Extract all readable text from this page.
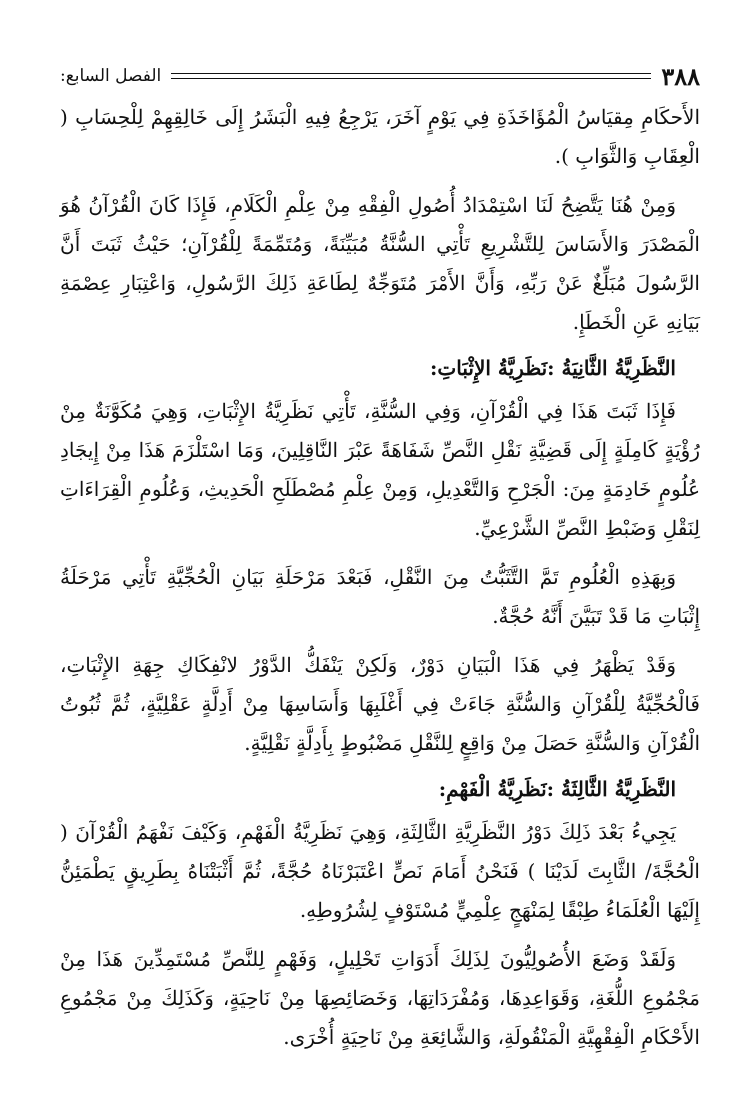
٣٨٨
الفصل السابع:

الأَحكَامِ مِقيَاسُ الْمُؤَاخَذَةِ فِي يَوْمٍ آخَرَ، يَرْجِعُ فِيهِ الْبَشَرُ إِلَى خَالِقِهِمْ لِلْحِسَابِ ( الْعِقَابِ وَالثَّوَابِ ).

وَمِنْ هُنَا يَتَّضِحُ لَنَا اسْتِمْدَادُ أُصُولِ الْفِقْهِ مِنْ عِلْمِ الْكَلَامِ، فَإِذَا كَانَ الْقُرْآنُ هُوَ الْمَصْدَرَ وَالأَسَاسَ لِلتَّشْرِيعِ تَأْتِي السُّنَّةُ مُبَيِّنَةً، وَمُتَمِّمَةً لِلْقُرْآنِ؛ حَيْثُ ثَبَتَ أَنَّ الرَّسُولَ مُبَلِّغٌ عَنْ رَبِّهِ، وَأَنَّ الأَمْرَ مُتَوَجِّهٌ لِطَاعَةِ ذَلِكَ الرَّسُولِ، وَاعْتِبَارِ عِصْمَةِ بَيَانِهِ عَنِ الْخَطَإِ.

النَّظَرِيَّةُ الثَّانِيَةُ :نَظَرِيَّةُ الإِثْبَاتِ:

فَإِذَا ثَبَتَ هَذَا فِي الْقُرْآنِ، وَفِي السُّنَّةِ، تَأْتِي نَظَرِيَّةُ الإِثْبَاتِ، وَهِيَ مُكَوَّنَةٌ مِنْ رُؤْيَةٍ كَامِلَةٍ إِلَى قَضِيَّةِ نَقْلِ النَّصِّ شَفَاهَةً عَبْرَ النَّاقِلِينَ، وَمَا اسْتَلْزَمَ هَذَا مِنْ إِيجَادِ عُلُومٍ خَادِمَةٍ مِنَ: الْجَرْحِ وَالتَّعْدِيلِ، وَمِنْ عِلْمِ مُصْطَلَحِ الْحَدِيثِ، وَعُلُومِ الْقِرَاءَاتِ لِنَقْلِ وَضَبْطِ النَّصِّ الشَّرْعِيِّ.

وَبِهَذِهِ الْعُلُومِ تَمَّ التَّثَبُّتُ مِنَ النَّقْلِ، فَبَعْدَ مَرْحَلَةِ بَيَانِ الْحُجِّيَّةِ تَأْتِي مَرْحَلَةُ إِثْبَاتِ مَا قَدْ تَبَيَّنَ أَنَّهُ حُجَّةٌ.

وَقَدْ يَظْهَرُ فِي هَذَا الْبَيَانِ دَوْرٌ، وَلَكِنْ يَنْفَكُّ الدَّوْرُ لانْفِكَاكِ جِهَةِ الإِثْبَاتِ، فَالْحُجِّيَّةُ لِلْقُرْآنِ وَالسُّنَّةِ جَاءَتْ فِي أَغْلَبِهَا وَأَسَاسِهَا مِنْ أَدِلَّةٍ عَقْلِيَّةٍ، ثُمَّ ثُبُوتُ الْقُرْآنِ وَالسُّنَّةِ حَصَلَ مِنْ وَاقِعٍ لِلنَّقْلِ مَضْبُوطٍ بِأَدِلَّةٍ نَقْلِيَّةٍ.

النَّظَرِيَّةُ الثَّالِثَةُ :نَظَرِيَّةُ الْفَهْمِ:

يَجِيءُ بَعْدَ ذَلِكَ دَوْرُ النَّظَرِيَّةِ الثَّالِثَةِ، وَهِيَ نَظَرِيَّةُ الْفَهْمِ، وَكَيْفَ نَفْهَمُ الْقُرْآنَ ( الْحُجَّةَ/ الثَّابِتَ لَدَيْنَا ) فَنَحْنُ أَمَامَ نَصٍّ اعْتَبَرْنَاهُ حُجَّةً، ثُمَّ أَثْبَتْنَاهُ بِطَرِيقٍ يَطْمَئِنُّ إِلَيْهَا الْعُلَمَاءُ طِبْقًا لِمَنْهَجٍ عِلْمِيٍّ مُسْتَوْفٍ لِشُرُوطِهِ.

وَلَقَدْ وَضَعَ الأُصُولِيُّونَ لِذَلِكَ أَدَوَاتِ تَحْلِيلٍ، وَفَهْمٍ لِلنَّصِّ مُسْتَمِدِّينَ هَذَا مِنْ مَجْمُوعِ اللُّغَةِ، وَقَوَاعِدِهَا، وَمُفْرَدَاتِهَا، وَخَصَائِصِهَا مِنْ نَاحِيَةٍ، وَكَذَلِكَ مِنْ مَجْمُوعِ الأَحْكَامِ الْفِقْهِيَّةِ الْمَنْقُولَةِ، وَالشَّائِعَةِ مِنْ نَاحِيَةٍ أُخْرَى.
